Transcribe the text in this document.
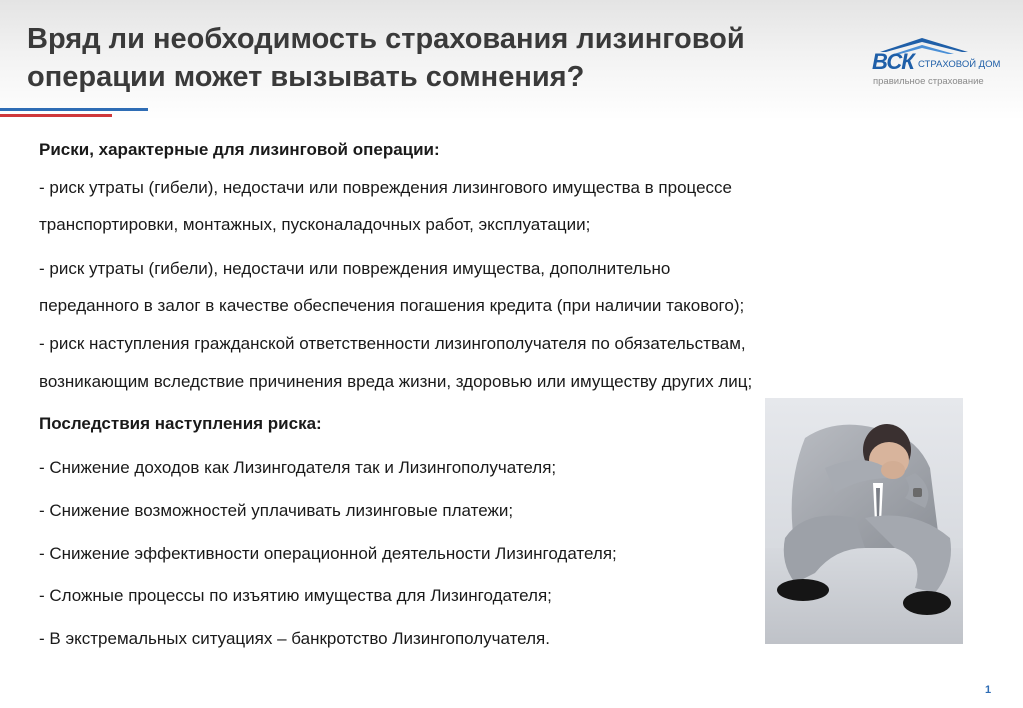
Вряд ли необходимость страхования лизинговой
операции может вызывать сомнения?	ВСК СТРАХОВОЙ ДОМ
правильное страхование
Риски, характерные для лизинговой операции:
- риск утраты (гибели), недостачи или повреждения лизингового имущества в процессе
транспортировки, монтажных, пусконаладочных работ, эксплуатации;
- риск утраты (гибели), недостачи или повреждения имущества, дополнительно
переданного в залог в качестве обеспечения погашения кредита (при наличии такового);
- риск наступления гражданской ответственности лизингополучателя по обязательствам,
возникающим вследствие причинения вреда жизни, здоровью или имуществу других лиц;
Последствия наступления риска:
- Снижение доходов как Лизингодателя так и Лизингополучателя;
- Снижение возможностей уплачивать лизинговые платежи;
- Снижение эффективности операционной деятельности Лизингодателя;
- Сложные процессы по изъятию имущества для Лизингодателя;
- В экстремальных ситуациях – банкротство Лизингополучателя.
1
